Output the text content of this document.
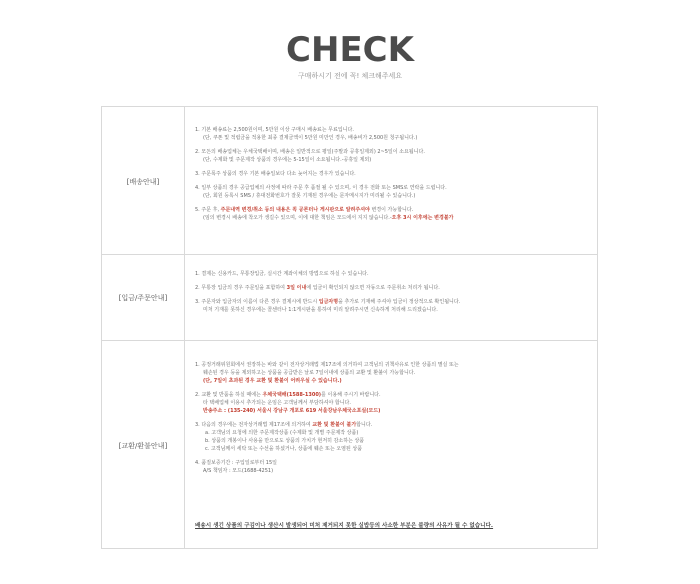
CHECK
구매하시기 전에 꼭! 체크해주세요
[배송안내]
1. 기본 배송료는 2,500원이며, 5만원 이상 구매시 배송료는 무료입니다.
(단, 쿠폰 및 적립금을 적용한 최종 결제금액이 5만원 미만인 경우, 배송비가 2,500원 청구됩니다.)
2. 모든의 배송업체는 우체국택배이며, 배송은 일반적으로 평일(주말과 공휴일제외) 2~5일이 소요됩니다.
(단, 수제화 및 주문제작 상품의 경우에는 5-15일이 소요됩니다.-공휴일 제외)
3. 주문폭주 상품의 경우 기본 배송일보다 다소 늦어지는 경우가 있습니다.
4. 일부 상품의 경우 공급업체의 사정에 따라 주문 후 품절 될 수 있으며, 이 경우 전화 또는 SMS로 연락을 드립니다.
(단, 회원 등록시 SMS / 휴대전화번호가 잘못 기재된 경우에는 문자메시지가 미리될 수 있습니다.)
5. 주문 후, 주문내역 변경/취소 등의 내용은 꼭 공론터나 게시판으로 알려주셔야 변경이 가능합니다.
(임의 변경시 배송에 착오가 생길수 있으며, 이에 대한 책임은 모드에서 지지 않습니다.-오후 3시 이후에는 변경불가
[입금/주문안내]
1. 결제는 신용카드, 무통장입금, 실시간 계좌이체의 방법으로 하실 수 있습니다.
2. 무통장 입금의 경우 주문일을 포함하여 3일 이내에 입금이 확인되지 않으면 자동으로 주문취소 처리가 됩니다.
3. 주문자와 입금자의 이름이 다른 경우 결제시에 반드시 입금자명을 추가로 기재해 주셔야 입금이 정상적으로 확인됩니다.
미처 기재를 못하신 경우에는 콜센터나 1:1게시판을 통하여 미리 알려주시면 신속하게 처리해 드리겠습니다.
[교환/환불안내]
1. 공정거래위원회에서 권장하는 바와 같이 전자상거래법 제17조에 의거하여 고객님의 귀책사유로 인한 상품의 멸실 또는
훼손된 경우 등을 제외하고는 상품을 공급받은 날로 7일이내에 상품의 교환 및 환불이 가능합니다.
(단, 7일이 초과된 경우 교환 및 환불이 어려우실 수 있습니다.)
2. 교환 및 반품을 하실 때에는 우체국택배(1588-1300)를 이용해 주시기 바랍니다.
타 택배업체 이용시 추가되는 운임은 고객님께서 부담하셔야 합니다.
반송주소 : (135-240) 서울시 강남구 개포로 619 서울강남우체국소포실(모드)
3. 다음의 경우에는 전자상거래법 제17조에 의거하여 교환 및 환불이 불가합니다.
a. 고객님의 요청에 의한 주문제작상품 (수제화 및 개별 주문제작 상품)
b. 상품의 개봉이나 사용을 만으로도 상품의 가치가 현저히 감소하는 상품
c. 고객님께서 세탁 또는 수선을 하셨거나, 상품에 훼손 또는 오염된 상품
4. 품질보증기간 : 구입일로부터 15일
A/S 책임자 : 모드(1688-4251)
배송시 생긴 상품의 구김이나 생산시 발생되어 미처 제거되지 못한 실밥등의 사소한 부분은 불량의 사유가 될 수 없습니다.
